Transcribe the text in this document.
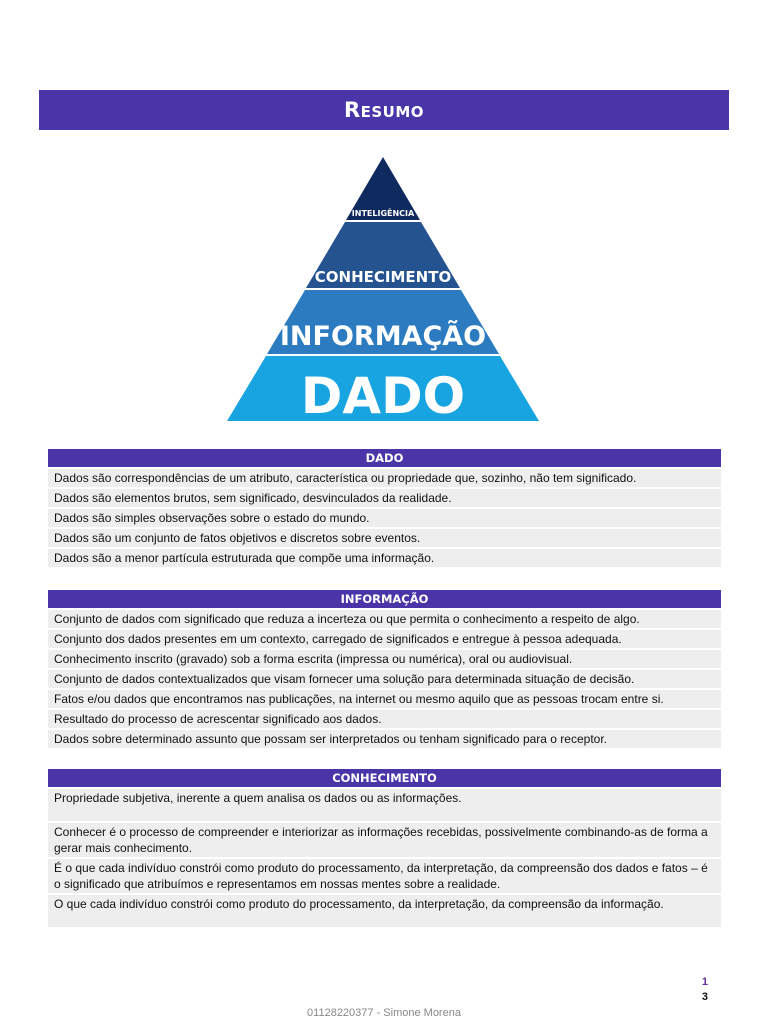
Resumo
INTELIGÊNCIA
CONHECIMENTO
INFORMAÇÃO
DADO
DADO
Dados são correspondências de um atributo, característica ou propriedade que, sozinho, não tem significado.
Dados são elementos brutos, sem significado, desvinculados da realidade.
Dados são simples observações sobre o estado do mundo.
Dados são um conjunto de fatos objetivos e discretos sobre eventos.
Dados são a menor partícula estruturada que compõe uma informação.
INFORMAÇÃO
Conjunto de dados com significado que reduza a incerteza ou que permita o conhecimento a respeito de algo.
Conjunto dos dados presentes em um contexto, carregado de significados e entregue à pessoa adequada.
Conhecimento inscrito (gravado) sob a forma escrita (impressa ou numérica), oral ou audiovisual.
Conjunto de dados contextualizados que visam fornecer uma solução para determinada situação de decisão.
Fatos e/ou dados que encontramos nas publicações, na internet ou mesmo aquilo que as pessoas trocam entre si.
Resultado do processo de acrescentar significado aos dados.
Dados sobre determinado assunto que possam ser interpretados ou tenham significado para o receptor.
CONHECIMENTO
Propriedade subjetiva, inerente a quem analisa os dados ou as informações.
Conhecer é o processo de compreender e interiorizar as informações recebidas, possivelmente combinando-as de forma a gerar mais conhecimento.
É o que cada indivíduo constrói como produto do processamento, da interpretação, da compreensão dos dados e fatos – é o significado que atribuímos e representamos em nossas mentes sobre a realidade.
O que cada indivíduo constrói como produto do processamento, da interpretação, da compreensão da informação.
1
3
01128220377 - Simone Morena
